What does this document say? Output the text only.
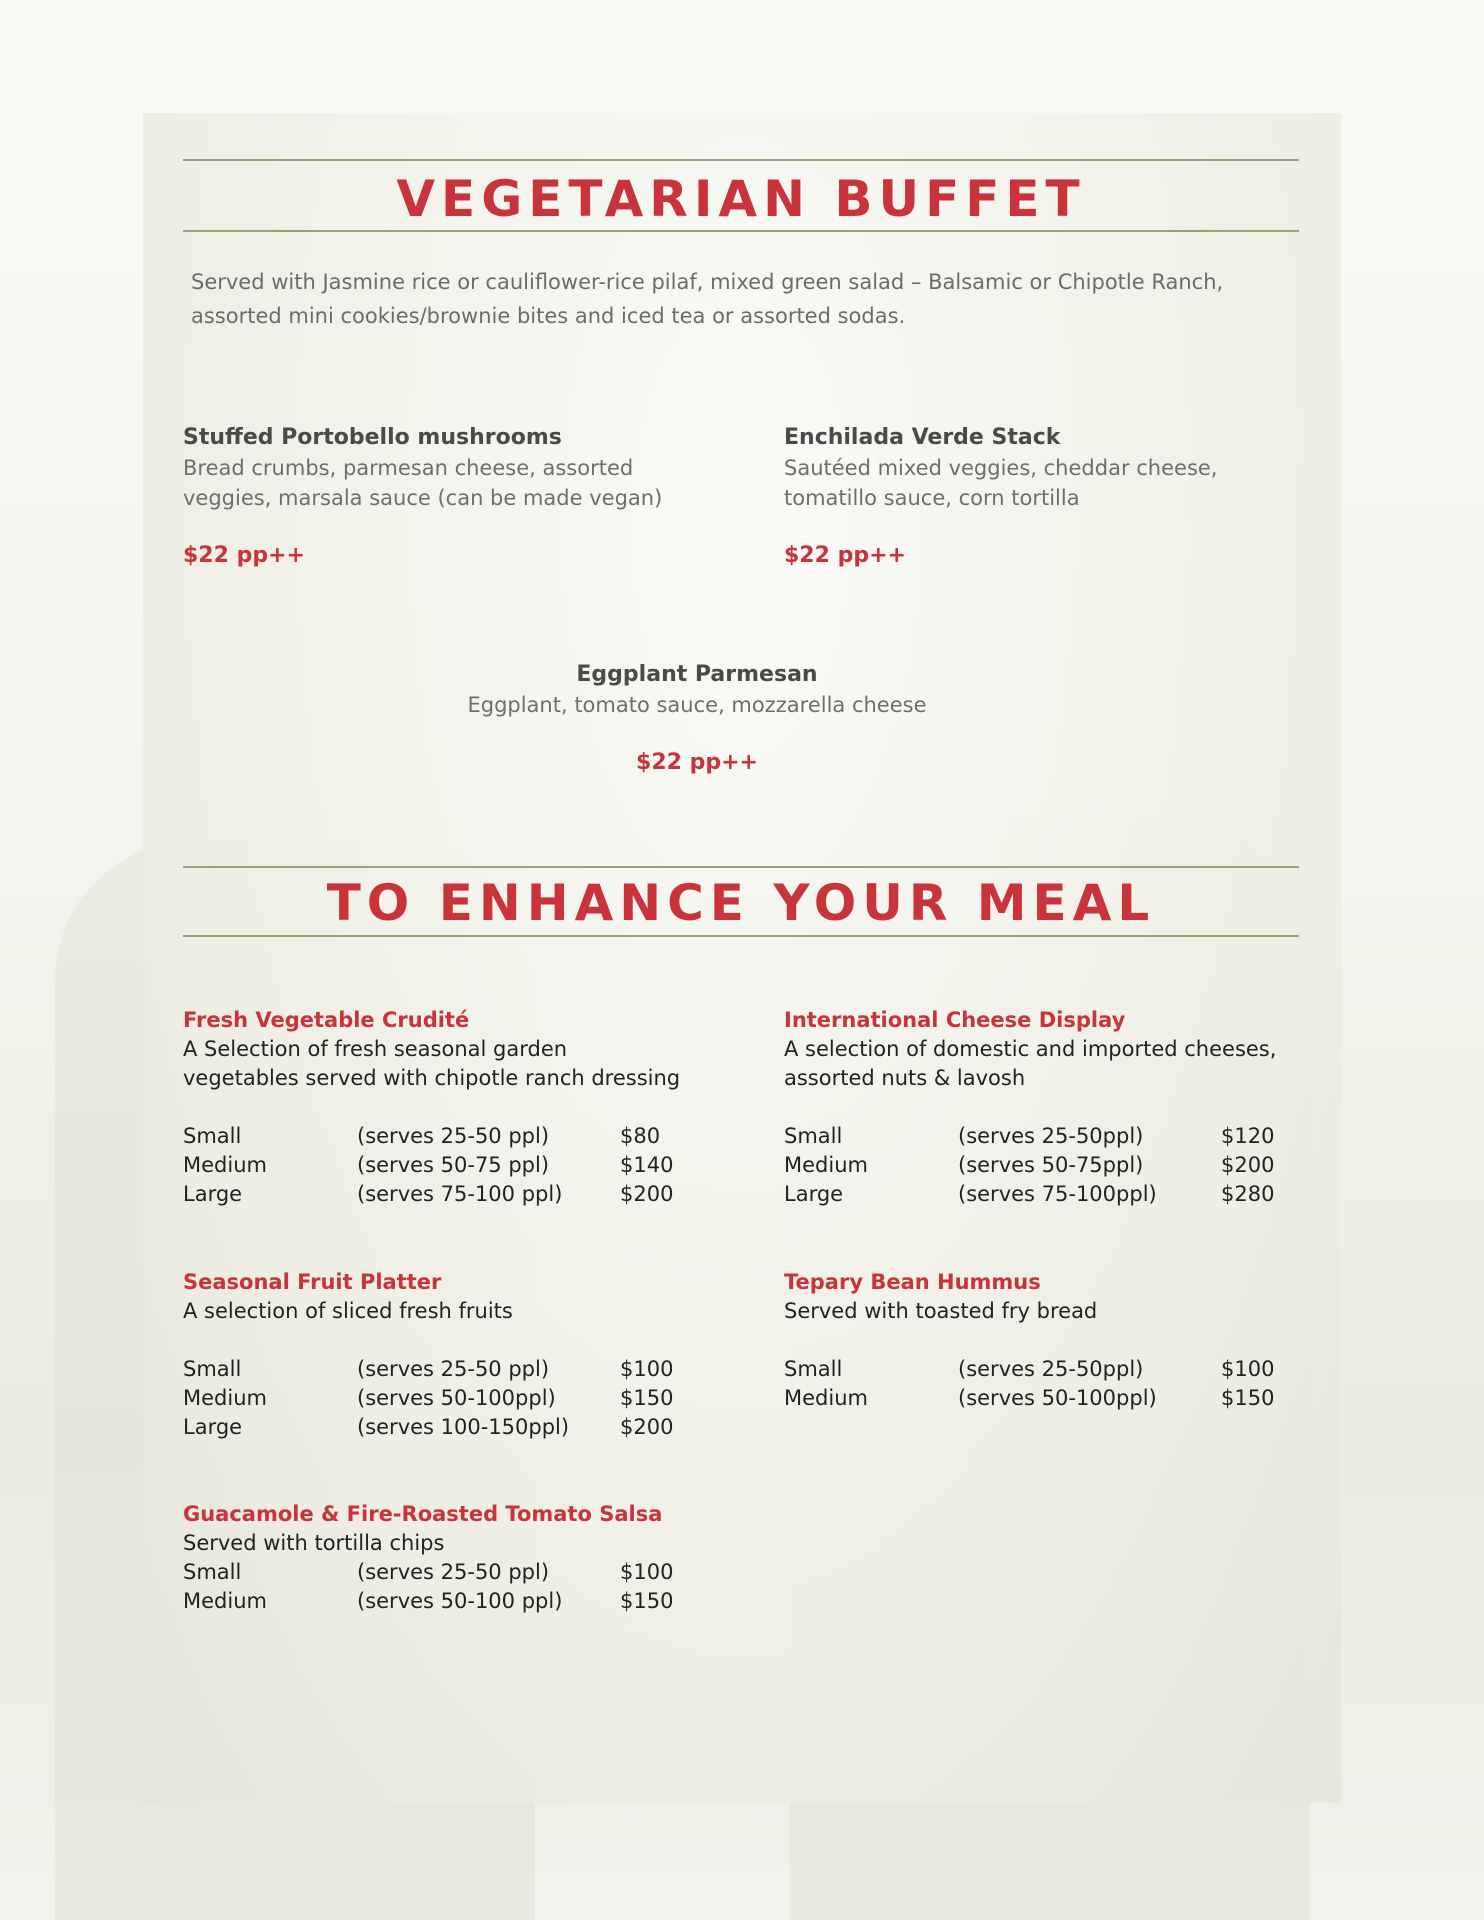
VEGETARIAN BUFFET

Served with Jasmine rice or cauliflower-rice pilaf, mixed green salad – Balsamic or Chipotle Ranch, assorted mini cookies/brownie bites and iced tea or assorted sodas.

Stuffed Portobello mushrooms
Bread crumbs, parmesan cheese, assorted veggies, marsala sauce (can be made vegan)
$22 pp++
Enchilada Verde Stack
Sautéed mixed veggies, cheddar cheese, tomatillo sauce, corn tortilla
$22 pp++
Eggplant Parmesan
Eggplant, tomato sauce, mozzarella cheese
$22 pp++
TO ENHANCE YOUR MEAL
Fresh Vegetable Crudité
A Selection of fresh seasonal garden vegetables served with chipotle ranch dressing
Small	(serves 25-50 ppl)	$80
Medium	(serves 50-75 ppl)	$140
Large	(serves 75-100 ppl)	$200
International Cheese Display
A selection of domestic and imported cheeses, assorted nuts & lavosh
Small	(serves 25-50ppl)	$120
Medium	(serves 50-75ppl)	$200
Large	(serves 75-100ppl)	$280
Seasonal Fruit Platter
A selection of sliced fresh fruits
Small	(serves 25-50 ppl)	$100
Medium	(serves 50-100ppl)	$150
Large	(serves 100-150ppl)	$200
Tepary Bean Hummus
Served with toasted fry bread
Small	(serves 25-50ppl)	$100
Medium	(serves 50-100ppl)	$150
Guacamole & Fire-Roasted Tomato Salsa
Served with tortilla chips
Small	(serves 25-50 ppl)	$100
Medium	(serves 50-100 ppl)	$150
